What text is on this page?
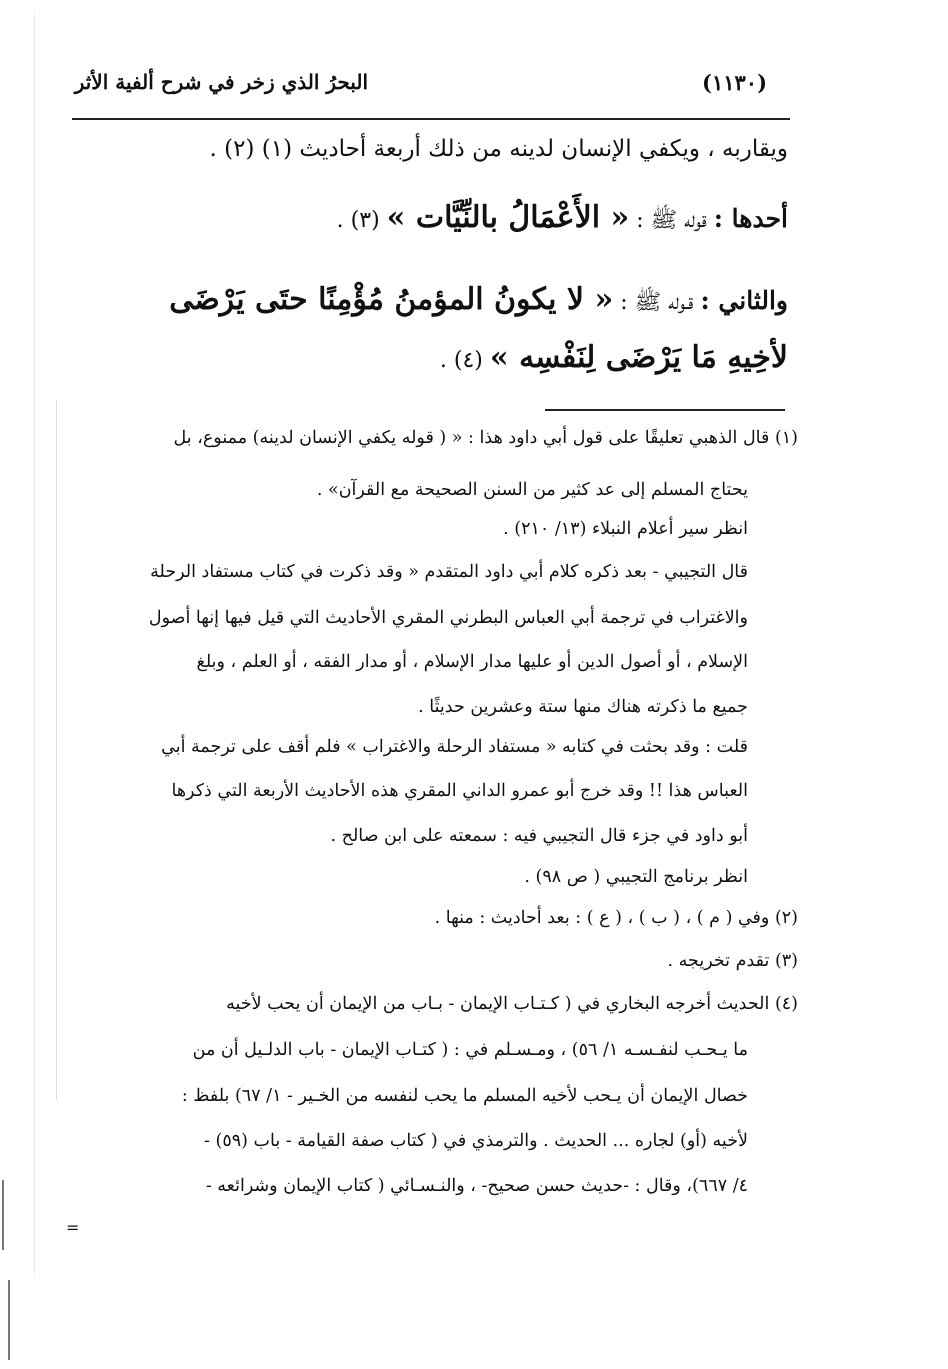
البحرُ الذي زخر في شرح ألفية الأثر	(١١٣٠)
ويقاربه ، ويكفي الإنسان لدينه من ذلك أربعة أحاديث (١) (٢) .
أحدها : قوله ﷺ : « الأَعْمَالُ بالنِّيَّات » (٣) .
والثاني : قـوله ﷺ : « لا يكونُ المؤمنُ مُؤْمِنًا حتَى يَرْضَى
لأخِيهِ مَا يَرْضَى لِنَفْسِه » (٤) .
(١) قال الذهبي تعليقًا على قول أبي داود هذا : « ( قوله يكفي الإنسان لدينه) ممنوع، بل
يحتاج المسلم إلى عد كثير من السنن الصحيحة مع القرآن» .
انظر سير أعلام النبلاء (١٣/ ٢١٠) .
قال التجيبي - بعد ذكره كلام أبي داود المتقدم « وقد ذكرت في كتاب مستفاد الرحلة
والاغتراب في ترجمة أبي العباس البطرني المقري الأحاديث التي قيل فيها إنها أصول
الإسلام ، أو أصول الدين أو عليها مدار الإسلام ، أو مدار الفقه ، أو العلم ، وبلغ
جميع ما ذكرته هناك منها ستة وعشرين حديثًا .
قلت : وقد بحثت في كتابه « مستفاد الرحلة والاغتراب » فلم أقف على ترجمة أبي
العباس هذا !! وقد خرج أبو عمرو الداني المقري هذه الأحاديث الأربعة التي ذكرها
أبو داود في جزء قال التجيبي فيه : سمعته على ابن صالح .
انظر برنامج التجيبي ( ص ٩٨) .
(٢) وفي ( م ) ، ( ب ) ، ( ع ) : بعد أحاديث : منها .
(٣) تقدم تخريجه .
(٤) الحديث أخرجه البخاري في ( كـتـاب الإيمان - بـاب من الإيمان أن يحب لأخيه
ما يـحـب لنفـسـه ١/ ٥٦) ، ومـسـلم في : ( كتـاب الإيمان - باب الدلـيل أن من
خصال الإيمان أن يـحب لأخيه المسلم ما يحب لنفسه من الخـير - ١/ ٦٧) بلفظ :
لأخيه (أو) لجاره ... الحديث . والترمذي في ( كتاب صفة القيامة - باب (٥٩) -
٤/ ٦٦٧)، وقال : -حديث حسن صحيح- ، والنـسـائي ( كتاب الإيمان وشرائعه -
=
